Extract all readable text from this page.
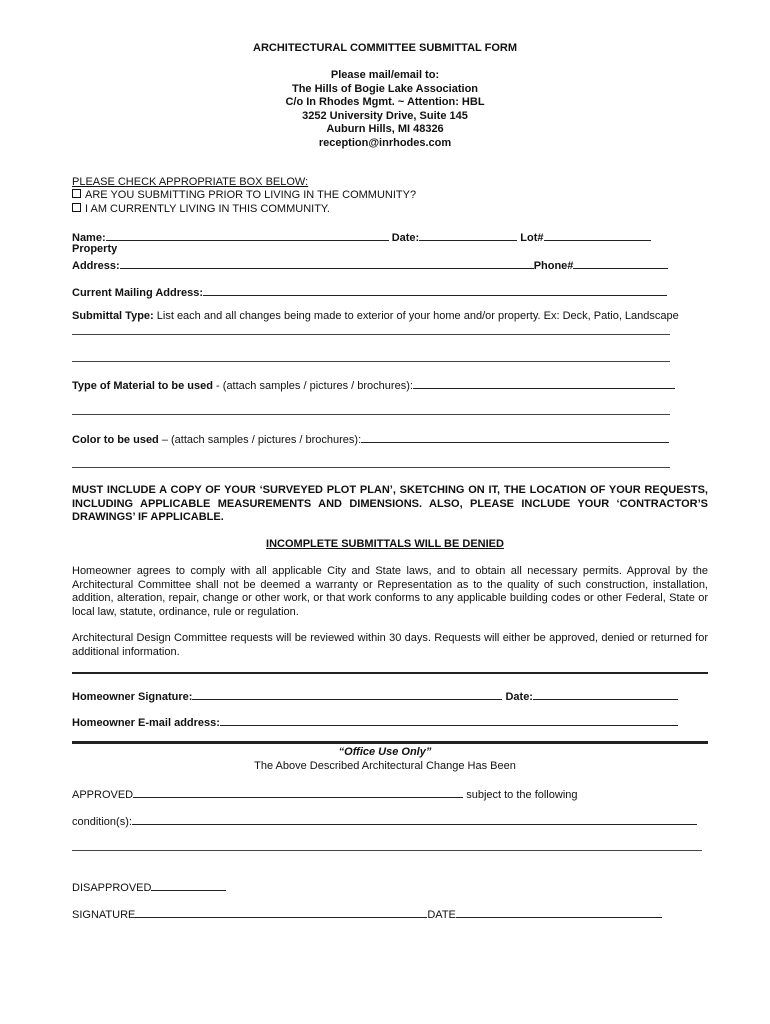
ARCHITECTURAL COMMITTEE SUBMITTAL FORM
Please mail/email to:
The Hills of Bogie Lake Association
C/o In Rhodes Mgmt. ~ Attention: HBL
3252 University Drive, Suite 145
Auburn Hills, MI 48326
reception@inrhodes.com
PLEASE CHECK APPROPRIATE BOX BELOW:
ARE YOU SUBMITTING PRIOR TO LIVING IN THE COMMUNITY?
I AM CURRENTLY LIVING IN THIS COMMUNITY.
Name:	Date:	Lot#
Property
Address:	Phone#
Current Mailing Address:
Submittal Type: List each and all changes being made to exterior of your home and/or property. Ex: Deck, Patio, Landscape
Type of Material to be used - (attach samples / pictures / brochures):
Color to be used – (attach samples / pictures / brochures):
MUST INCLUDE A COPY OF YOUR ‘SURVEYED PLOT PLAN’, SKETCHING ON IT, THE LOCATION OF YOUR REQUESTS, INCLUDING APPLICABLE MEASUREMENTS AND DIMENSIONS. ALSO, PLEASE INCLUDE YOUR ‘CONTRACTOR’S DRAWINGS’ IF APPLICABLE.
INCOMPLETE SUBMITTALS WILL BE DENIED
Homeowner agrees to comply with all applicable City and State laws, and to obtain all necessary permits. Approval by the Architectural Committee shall not be deemed a warranty or Representation as to the quality of such construction, installation, addition, alteration, repair, change or other work, or that work conforms to any applicable building codes or other Federal, State or local law, statute, ordinance, rule or regulation.
Architectural Design Committee requests will be reviewed within 30 days. Requests will either be approved, denied or returned for additional information.
Homeowner Signature:	Date:
Homeowner E-mail address:
“Office Use Only”
The Above Described Architectural Change Has Been
APPROVED	subject to the following
condition(s):
DISAPPROVED
SIGNATURE	DATE
